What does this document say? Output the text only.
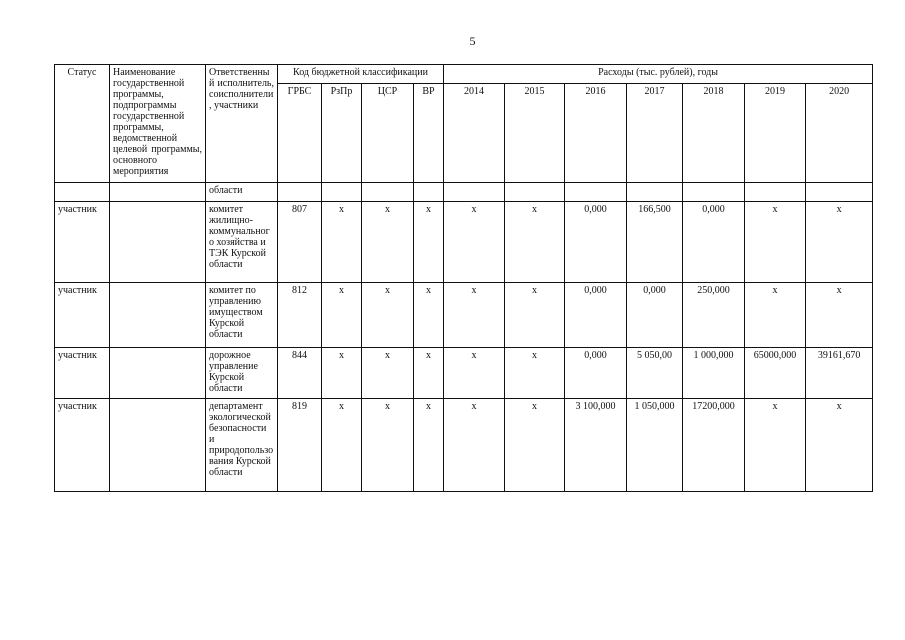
5
Статус	Наименование государственной программы, подпрограммы государственной программы, ведомственной целевой программы, основного мероприятия	Ответственный исполнитель, соисполнители, участники	Код бюджетной классификации				Расходы (тыс. рублей), годы						
			ГРБС	РзПр	ЦСР	ВР	2014	2015	2016	2017	2018	2019	2020
		области											
участник		комитет жилищно-коммунального хозяйства и ТЭК Курской области	807	х	х	х	х	х	0,000	166,500	0,000	х	х
участник		комитет по управлению имуществом Курской области	812	х	х	х	х	х	0,000	0,000	250,000	х	х
участник		дорожное управление Курской области	844	х	х	х	х	х	0,000	5 050,00	1 000,000	65000,000	39161,670
участник		департамент экологической безопасности и природопользования Курской области	819	х	х	х	х	х	3 100,000	1 050,000	17200,000	х	х
